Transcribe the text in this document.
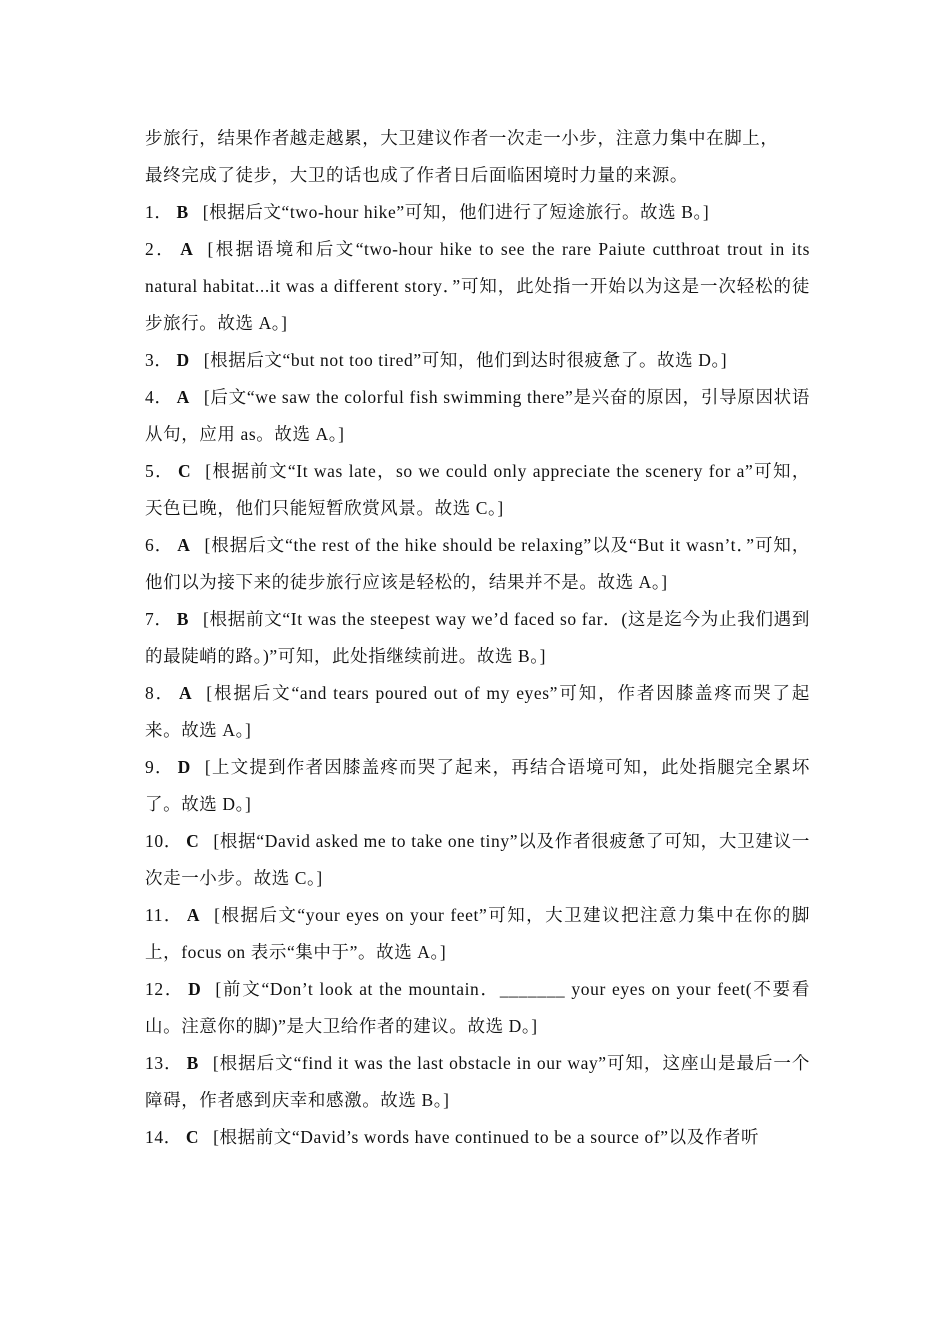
步旅行，结果作者越走越累，大卫建议作者一次走一小步，注意力集中在脚上，

最终完成了徒步，大卫的话也成了作者日后面临困境时力量的来源。

1． B [根据后文“two-hour hike”可知，他们进行了短途旅行。故选 B。]

2． A [根据语境和后文“two-hour hike to see the rare Paiute cutthroat trout in its natural habitat...it was a different story．”可知，此处指一开始以为这是一次轻松的徒步旅行。故选 A。]

3． D [根据后文“but not too tired”可知，他们到达时很疲惫了。故选 D。]

4． A [后文“we saw the colorful fish swimming there”是兴奋的原因，引导原因状语从句，应用 as。故选 A。]

5． C [根据前文“It was late，so we could only appreciate the scenery for a”可知，天色已晚，他们只能短暂欣赏风景。故选 C。]

6． A [根据后文“the rest of the hike should be relaxing”以及“But it wasn’t．”可知，他们以为接下来的徒步旅行应该是轻松的，结果并不是。故选 A。]

7． B [根据前文“It was the steepest way we’d faced so far．(这是迄今为止我们遇到的最陡峭的路。)”可知，此处指继续前进。故选 B。]

8． A [根据后文“and tears poured out of my eyes”可知，作者因膝盖疼而哭了起来。故选 A。]

9． D [上文提到作者因膝盖疼而哭了起来，再结合语境可知，此处指腿完全累坏了。故选 D。]

10． C [根据“David asked me to take one tiny”以及作者很疲惫了可知，大卫建议一次走一小步。故选 C。]

11． A [根据后文“your eyes on your feet”可知，大卫建议把注意力集中在你的脚上，focus on 表示“集中于”。故选 A。]

12． D [前文“Don’t look at the mountain．_______ your eyes on your feet(不要看山。注意你的脚)”是大卫给作者的建议。故选 D。]

13． B [根据后文“find it was the last obstacle in our way”可知，这座山是最后一个障碍，作者感到庆幸和感激。故选 B。]

14． C [根据前文“David’s words have continued to be a source of”以及作者听
